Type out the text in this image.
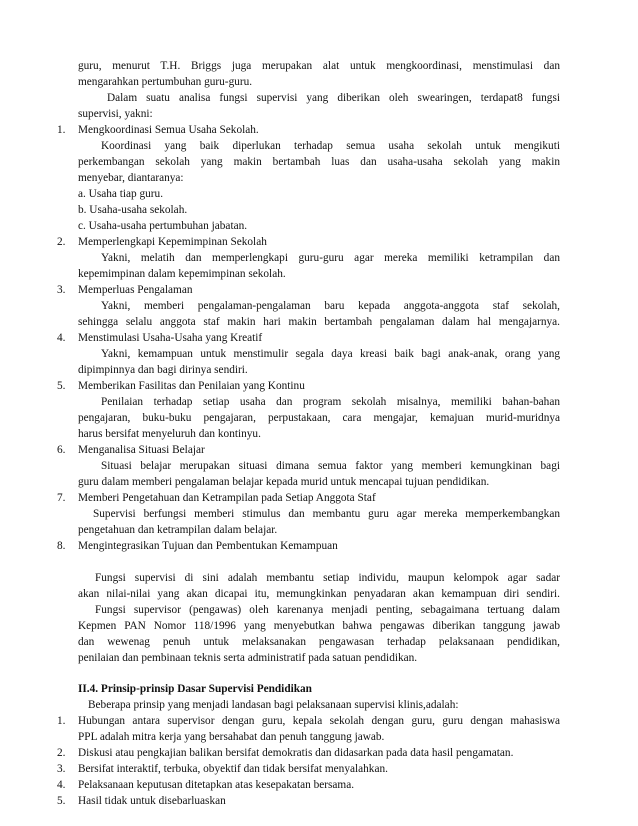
guru, menurut T.H. Briggs juga merupakan alat untuk mengkoordinasi, menstimulasi dan
mengarahkan pertumbuhan guru-guru.
Dalam suatu analisa fungsi supervisi yang diberikan oleh swearingen, terdapat8 fungsi
supervisi, yakni:
Mengkoordinasi Semua Usaha Sekolah.
Koordinasi yang baik diperlukan terhadap semua usaha sekolah untuk mengikuti
perkembangan sekolah yang makin bertambah luas dan usaha-usaha sekolah yang makin
menyebar, diantaranya:
a. Usaha tiap guru.
b. Usaha-usaha sekolah.
c. Usaha-usaha pertumbuhan jabatan.
Memperlengkapi Kepemimpinan Sekolah
Yakni, melatih dan memperlengkapi guru-guru agar mereka memiliki ketrampilan dan
kepemimpinan dalam kepemimpinan sekolah.
Memperluas Pengalaman
Yakni, memberi pengalaman-pengalaman baru kepada anggota-anggota staf sekolah,
sehingga selalu anggota staf makin hari makin bertambah pengalaman dalam hal mengajarnya.
Menstimulasi Usaha-Usaha yang Kreatif
Yakni, kemampuan untuk menstimulir segala daya kreasi baik bagi anak-anak, orang yang
dipimpinnya dan bagi dirinya sendiri.
Memberikan Fasilitas dan Penilaian yang Kontinu
Penilaian terhadap setiap usaha dan program sekolah misalnya, memiliki bahan-bahan
pengajaran, buku-buku pengajaran, perpustakaan, cara mengajar, kemajuan murid-muridnya
harus bersifat menyeluruh dan kontinyu.
Menganalisa Situasi Belajar
Situasi belajar merupakan situasi dimana semua faktor yang memberi kemungkinan bagi
guru dalam memberi pengalaman belajar kepada murid untuk mencapai tujuan pendidikan.
Memberi Pengetahuan dan Ketrampilan pada Setiap Anggota Staf
Supervisi berfungsi memberi stimulus dan membantu guru agar mereka memperkembangkan
pengetahuan dan ketrampilan dalam belajar.
Mengintegrasikan Tujuan dan Pembentukan Kemampuan
Fungsi supervisi di sini adalah membantu setiap individu, maupun kelompok agar sadar
akan nilai-nilai yang akan dicapai itu, memungkinkan penyadaran akan kemampuan diri sendiri.
Fungsi supervisor (pengawas) oleh karenanya menjadi penting, sebagaimana tertuang dalam
Kepmen PAN Nomor 118/1996 yang menyebutkan bahwa pengawas diberikan tanggung jawab
dan wewenag penuh untuk melaksanakan pengawasan terhadap pelaksanaan pendidikan,
penilaian dan pembinaan teknis serta administratif pada satuan pendidikan.
II.4. Prinsip-prinsip Dasar Supervisi Pendidikan
Beberapa prinsip yang menjadi landasan bagi pelaksanaan supervisi klinis,adalah:
Hubungan antara supervisor dengan guru, kepala sekolah dengan guru, guru dengan mahasiswa
PPL adalah mitra kerja yang bersahabat dan penuh tanggung jawab.
Diskusi atau pengkajian balikan bersifat demokratis dan didasarkan pada data hasil pengamatan.
Bersifat interaktif, terbuka, obyektif dan tidak bersifat menyalahkan.
Pelaksanaan keputusan ditetapkan atas kesepakatan bersama.
Hasil tidak untuk disebarluaskan
1.
2.
3.
4.
5.
6.
7.
8.
1.
2.
3.
4.
5.
